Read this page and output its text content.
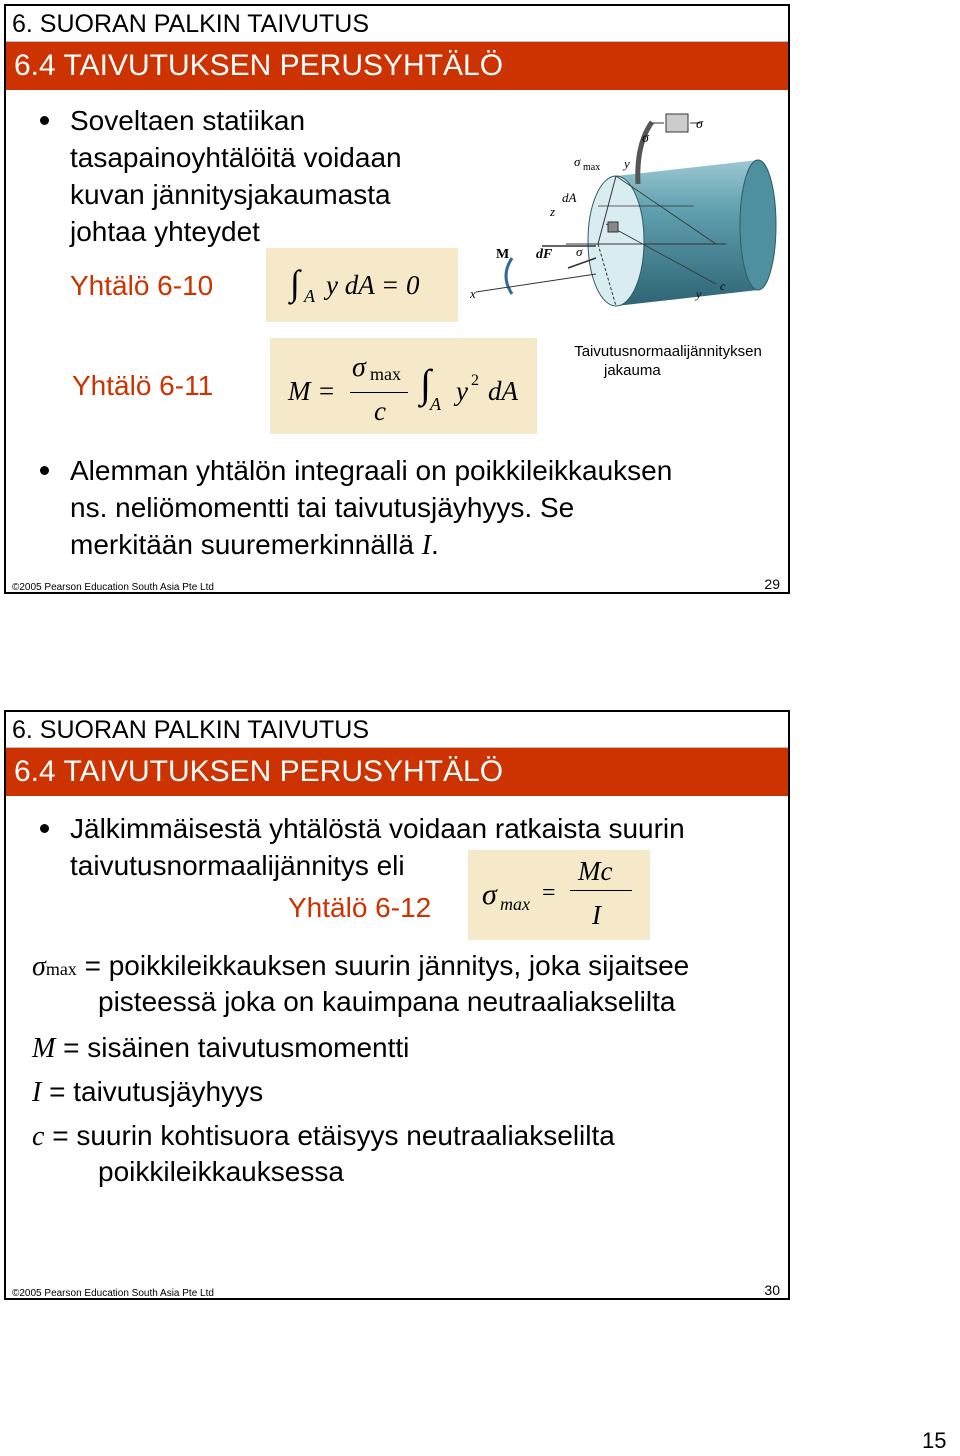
6. SUORAN PALKIN TAIVUTUS
6.4 TAIVUTUKSEN PERUSYHTÄLÖ
Soveltaen statiikan
tasapainoyhtälöitä voidaan
kuvan jännitysjakaumasta
johtaa yhteydet
Yhtälö 6-10 ∫ A y dA = 0
Yhtälö 6-11	M =
σ max
c
∫ A y 2 dA
σ
σ
σ max y
dA
z
M dF σ
x	y
c
Taivutusnormaalijännityksen
jakauma
Alemman yhtälön integraali on poikkileikkauksen
ns. neliömomentti tai taivutusjäyhyys. Se
merkitään suuremerkinnällä I.
©2005 Pearson Education South Asia Pte Ltd	29
6. SUORAN PALKIN TAIVUTUS
6.4 TAIVUTUKSEN PERUSYHTÄLÖ
Jälkimmäisestä yhtälöstä voidaan ratkaista suurin
taivutusnormaalijännitys eli
Yhtälö 6-12 σ max =
Mc
I
σmax = poikkileikkauksen suurin jännitys, joka sijaitsee
pisteessä joka on kauimpana neutraaliakselilta
M = sisäinen taivutusmomentti
I = taivutusjäyhyys
c = suurin kohtisuora etäisyys neutraaliakselilta
poikkileikkauksessa
©2005 Pearson Education South Asia Pte Ltd	30
15
